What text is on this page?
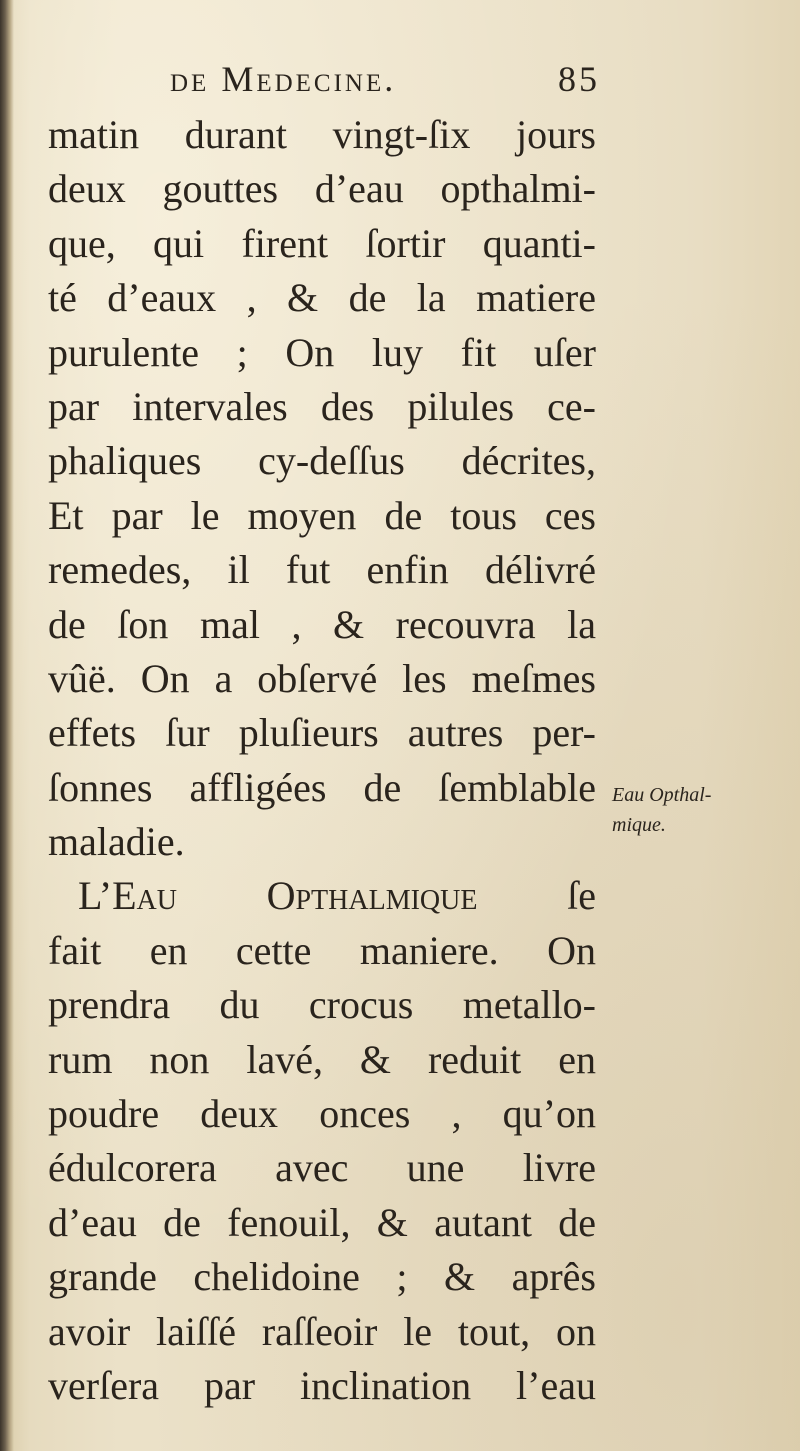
de Medecine.	85
matin durant vingt-ſix jours
deux gouttes d’eau opthalmi-
que, qui firent ſortir quanti-
té d’eaux , & de la matiere
purulente ; On luy fit uſer
par intervales des pilules ce-
phaliques cy-deſſus décrites,
Et par le moyen de tous ces
remedes, il fut enfin délivré
de ſon mal , & recouvra la
vûë. On a obſervé les meſmes
effets ſur pluſieurs autres per-
ſonnes affligées de ſemblable
maladie.
L’Eau Opthalmique ſe
fait en cette maniere. On
prendra du crocus metallo-
rum non lavé, & reduit en
poudre deux onces , qu’on
édulcorera avec une livre
d’eau de fenouil, & autant de
grande chelidoine ; & aprês
avoir laiſſé raſſeoir le tout, on
verſera par inclination l’eau
Eau Opthal-
mique.
